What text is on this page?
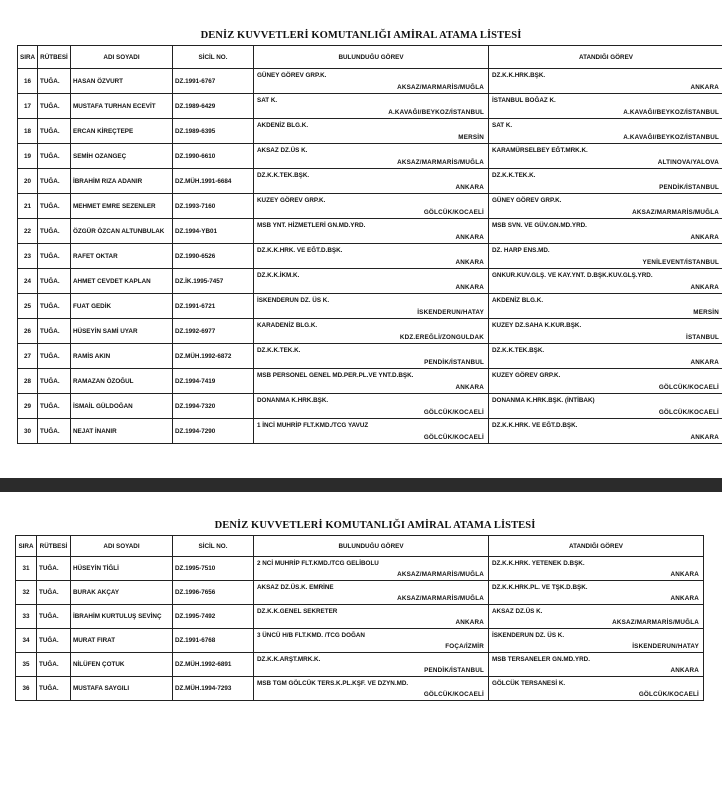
DENİZ KUVVETLERİ KOMUTANLIĞI AMİRAL ATAMA LİSTESİ
SIRA	RÜTBESİ	ADI SOYADI	SİCİL NO.	BULUNDUĞU GÖREV	ATANDIĞI GÖREV
16	TUĞA.	HASAN ÖZVURT	DZ.1991-6767	GÜNEY GÖREV GRP.K.
AKSAZ/MARMARİS/MUĞLA	DZ.K.K.HRK.BŞK.
ANKARA

17	TUĞA.	MUSTAFA TURHAN ECEVİT	DZ.1989-6429	SAT K.
A.KAVAĞI/BEYKOZ/İSTANBUL	İSTANBUL BOĞAZ K.
A.KAVAĞI/BEYKOZ/İSTANBUL

18	TUĞA.	ERCAN KİREÇTEPE	DZ.1989-6395	AKDENİZ BLG.K.
MERSİN	SAT K.
A.KAVAĞI/BEYKOZ/İSTANBUL

19	TUĞA.	SEMİH OZANGEÇ	DZ.1990-6610	AKSAZ DZ.ÜS K.
AKSAZ/MARMARİS/MUĞLA	KARAMÜRSELBEY EĞT.MRK.K.
ALTINOVA/YALOVA

20	TUĞA.	İBRAHİM RIZA ADANIR	DZ.MÜH.1991-6684	DZ.K.K.TEK.BŞK.
ANKARA	DZ.K.K.TEK.K.
PENDİK/İSTANBUL

21	TUĞA.	MEHMET EMRE SEZENLER	DZ.1993-7160	KUZEY GÖREV GRP.K.
GÖLCÜK/KOCAELİ	GÜNEY GÖREV GRP.K.
AKSAZ/MARMARİS/MUĞLA

22	TUĞA.	ÖZGÜR ÖZCAN ALTUNBULAK	DZ.1994-YB01	MSB YNT. HİZMETLERİ GN.MD.YRD.
ANKARA	MSB SVN. VE GÜV.GN.MD.YRD.
ANKARA

23	TUĞA.	RAFET OKTAR	DZ.1990-6526	DZ.K.K.HRK. VE EĞT.D.BŞK.
ANKARA	DZ. HARP ENS.MD.
YENİLEVENT/İSTANBUL

24	TUĞA.	AHMET CEVDET KAPLAN	DZ.İK.1995-7457	DZ.K.K.İKM.K.
ANKARA	GNKUR.KUV.GLŞ. VE KAY.YNT. D.BŞK.KUV.GLŞ.YRD.
ANKARA

25	TUĞA.	FUAT GEDİK	DZ.1991-6721	İSKENDERUN DZ. ÜS K.
İSKENDERUN/HATAY	AKDENİZ BLG.K.
MERSİN

26	TUĞA.	HÜSEYİN SAMİ UYAR	DZ.1992-6977	KARADENİZ BLG.K.
KDZ.EREĞLİ/ZONGULDAK	KUZEY DZ.SAHA K.KUR.BŞK.
İSTANBUL

27	TUĞA.	RAMİS AKIN	DZ.MÜH.1992-6872	DZ.K.K.TEK.K.
PENDİK/İSTANBUL	DZ.K.K.TEK.BŞK.
ANKARA

28	TUĞA.	RAMAZAN ÖZOĞUL	DZ.1994-7419	MSB PERSONEL GENEL MD.PER.PL.VE YNT.D.BŞK.
ANKARA	KUZEY GÖREV GRP.K.
GÖLCÜK/KOCAELİ

29	TUĞA.	İSMAİL GÜLDOĞAN	DZ.1994-7320	DONANMA K.HRK.BŞK.
GÖLCÜK/KOCAELİ	DONANMA K.HRK.BŞK. (İNTİBAK)
GÖLCÜK/KOCAELİ

30	TUĞA.	NEJAT İNANIR	DZ.1994-7290	1 İNCİ MUHRİP FLT.KMD./TCG YAVUZ
GÖLCÜK/KOCAELİ	DZ.K.K.HRK. VE EĞT.D.BŞK.
ANKARA
DENİZ KUVVETLERİ KOMUTANLIĞI AMİRAL ATAMA LİSTESİ
SIRA	RÜTBESİ	ADI SOYADI	SİCİL NO.	BULUNDUĞU GÖREV	ATANDIĞI GÖREV
31	TUĞA.	HÜSEYİN TİĞLİ	DZ.1995-7510	2 NCİ MUHRİP FLT.KMD./TCG GELİBOLU
AKSAZ/MARMARİS/MUĞLA	DZ.K.K.HRK. YETENEK D.BŞK.
ANKARA

32	TUĞA.	BURAK AKÇAY	DZ.1996-7656	AKSAZ DZ.ÜS.K. EMRİNE
AKSAZ/MARMARİS/MUĞLA	DZ.K.K.HRK.PL. VE TŞK.D.BŞK.
ANKARA

33	TUĞA.	İBRAHİM KURTULUŞ SEVİNÇ	DZ.1995-7492	DZ.K.K.GENEL SEKRETER
ANKARA	AKSAZ DZ.ÜS K.
AKSAZ/MARMARİS/MUĞLA

34	TUĞA.	MURAT FIRAT	DZ.1991-6768	3 ÜNCÜ H/B FLT.KMD. /TCG DOĞAN
FOÇA/İZMİR	İSKENDERUN DZ. ÜS K.
İSKENDERUN/HATAY

35	TUĞA.	NİLÜFEN ÇOTUK	DZ.MÜH.1992-6891	DZ.K.K.ARŞT.MRK.K.
PENDİK/İSTANBUL	MSB TERSANELER GN.MD.YRD.
ANKARA

36	TUĞA.	MUSTAFA SAYGILI	DZ.MÜH.1994-7293	MSB TGM GÖLCÜK TERS.K.PL.KŞF. VE DZYN.MD.
GÖLCÜK/KOCAELİ	GÖLCÜK TERSANESİ K.
GÖLCÜK/KOCAELİ
